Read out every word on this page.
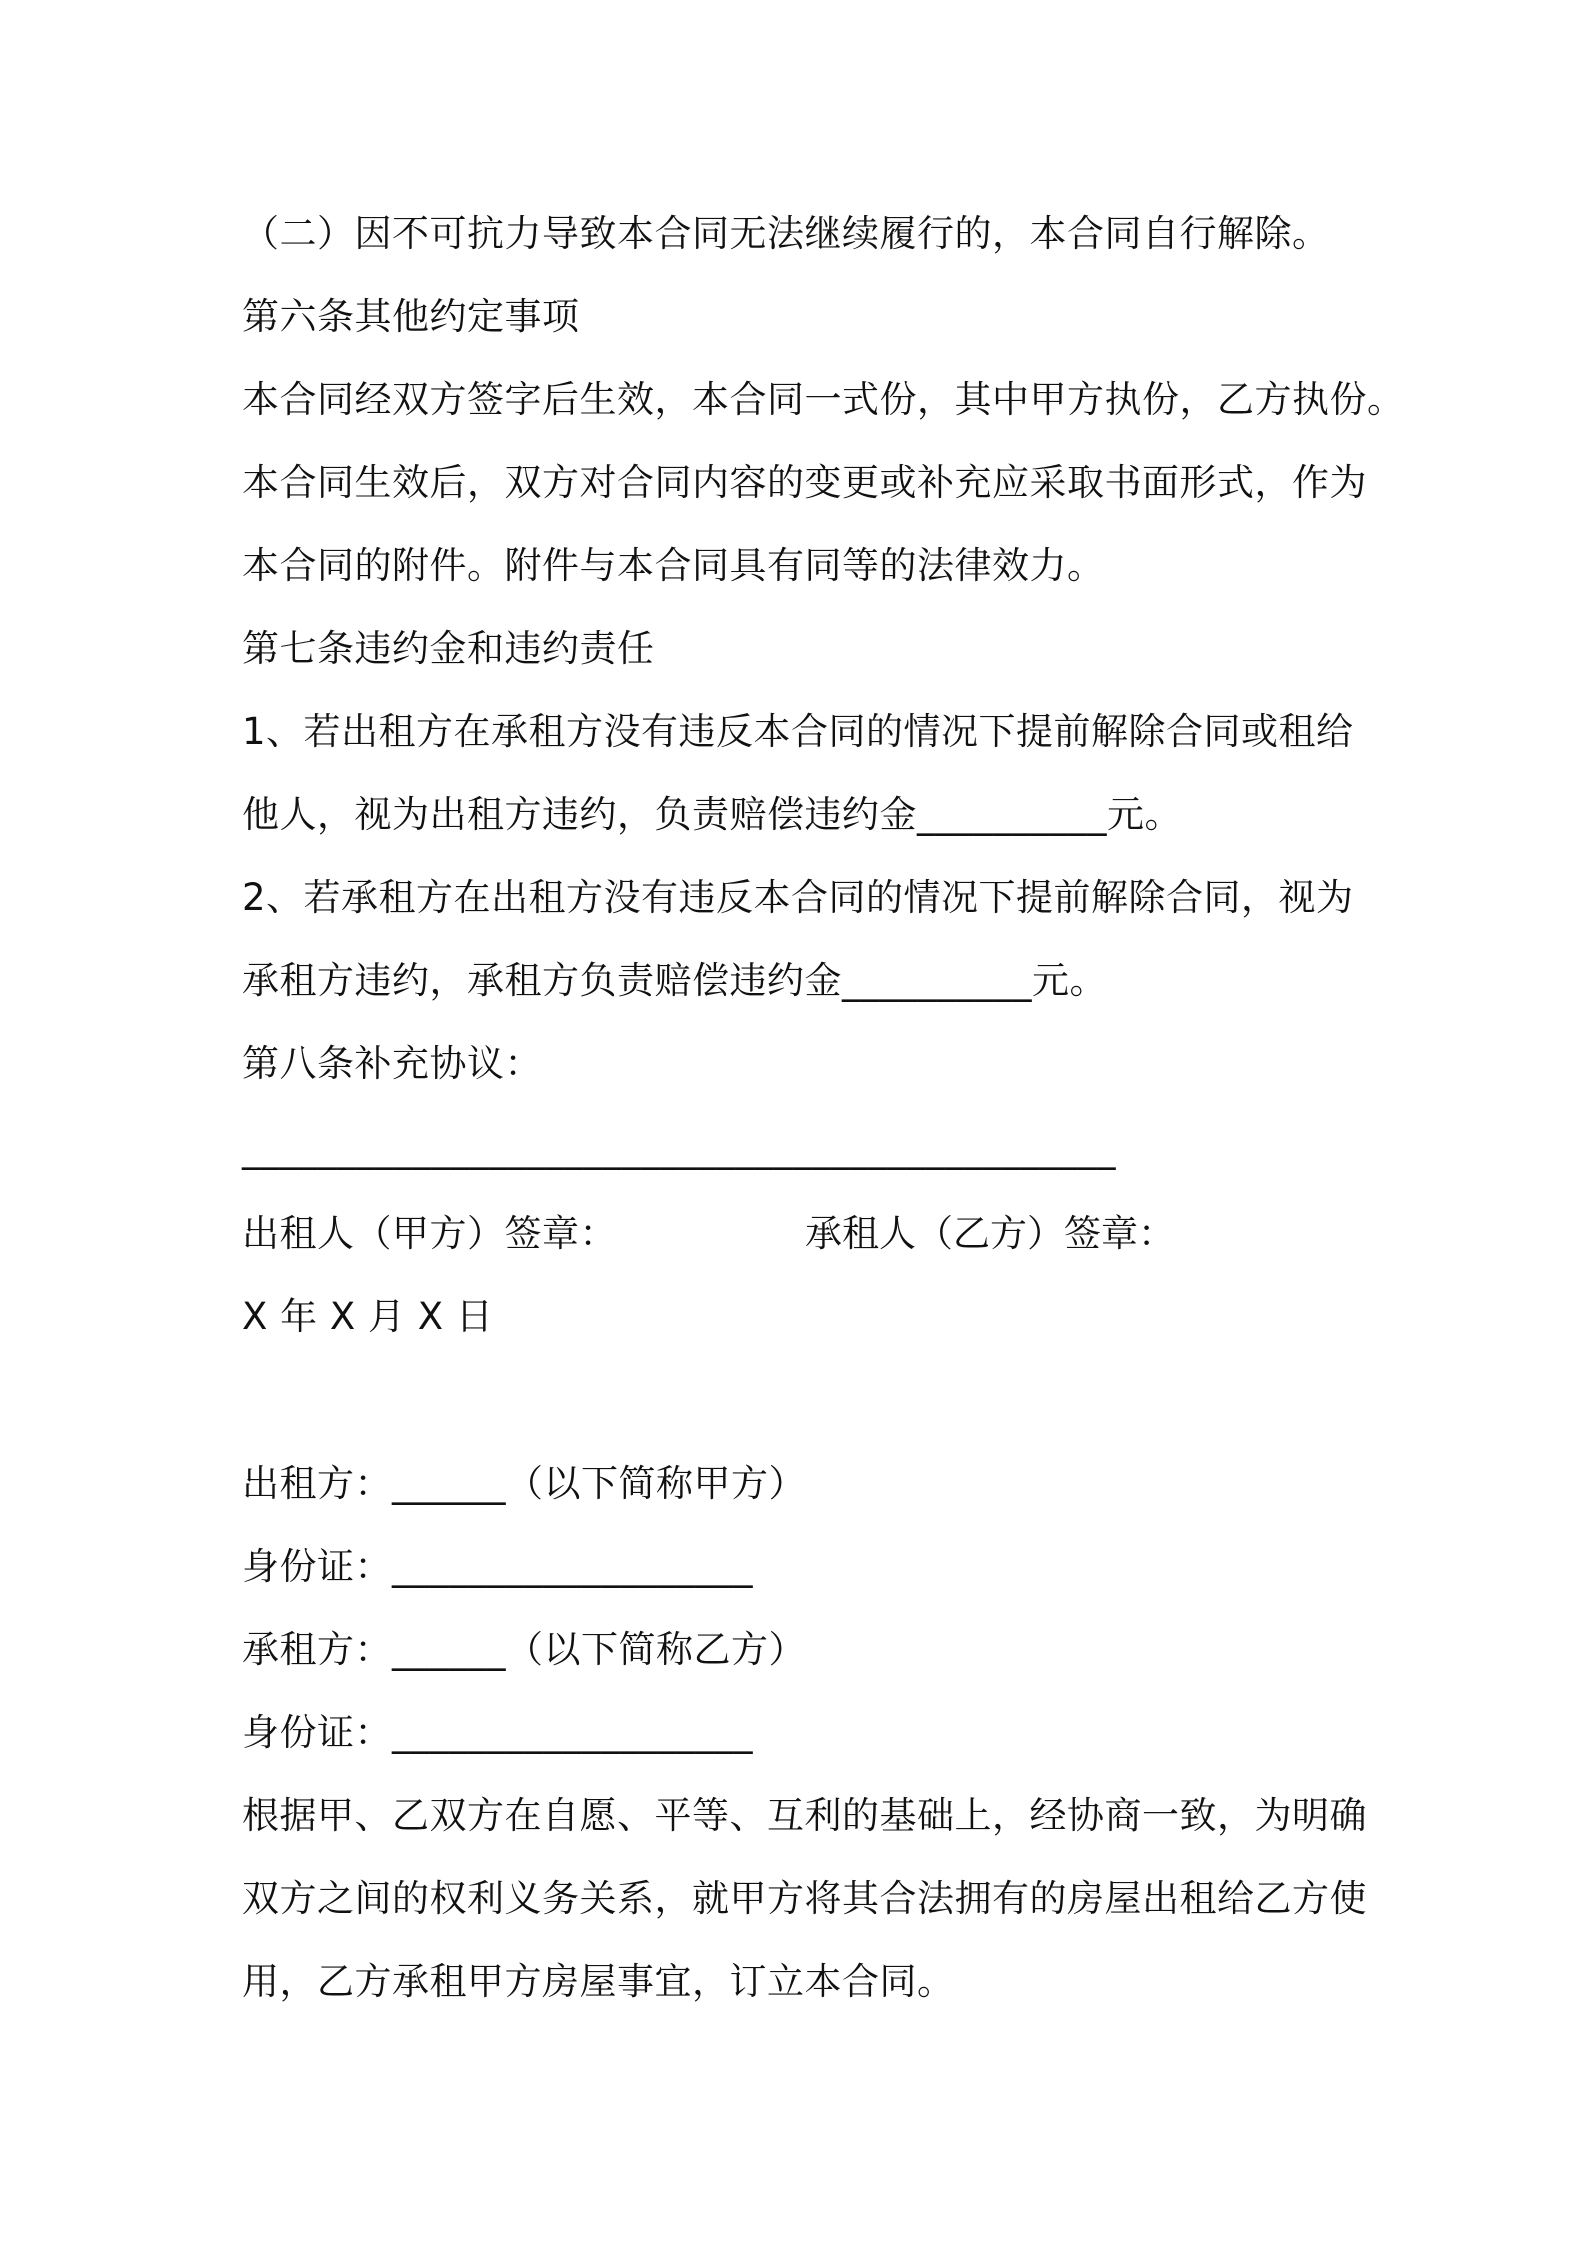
（二）因不可抗力导致本合同无法继续履行的，本合同自行解除。
第六条其他约定事项
本合同经双方签字后生效，本合同一式份，其中甲方执份，乙方执份。
本合同生效后，双方对合同内容的变更或补充应采取书面形式，作为
本合同的附件。附件与本合同具有同等的法律效力。
第七条违约金和违约责任
1、若出租方在承租方没有违反本合同的情况下提前解除合同或租给
他人，视为出租方违约，负责赔偿违约金__________元。
2、若承租方在出租方没有违反本合同的情况下提前解除合同，视为
承租方违约，承租方负责赔偿违约金__________元。
第八条补充协议：
______________________________________________
出租人（甲方）签章：	承租人（乙方）签章：
X 年 X 月 X 日
出租方：______（以下简称甲方）
身份证：___________________
承租方：______（以下简称乙方）
身份证：___________________
根据甲、乙双方在自愿、平等、互利的基础上，经协商一致，为明确
双方之间的权利义务关系，就甲方将其合法拥有的房屋出租给乙方使
用，乙方承租甲方房屋事宜，订立本合同。
